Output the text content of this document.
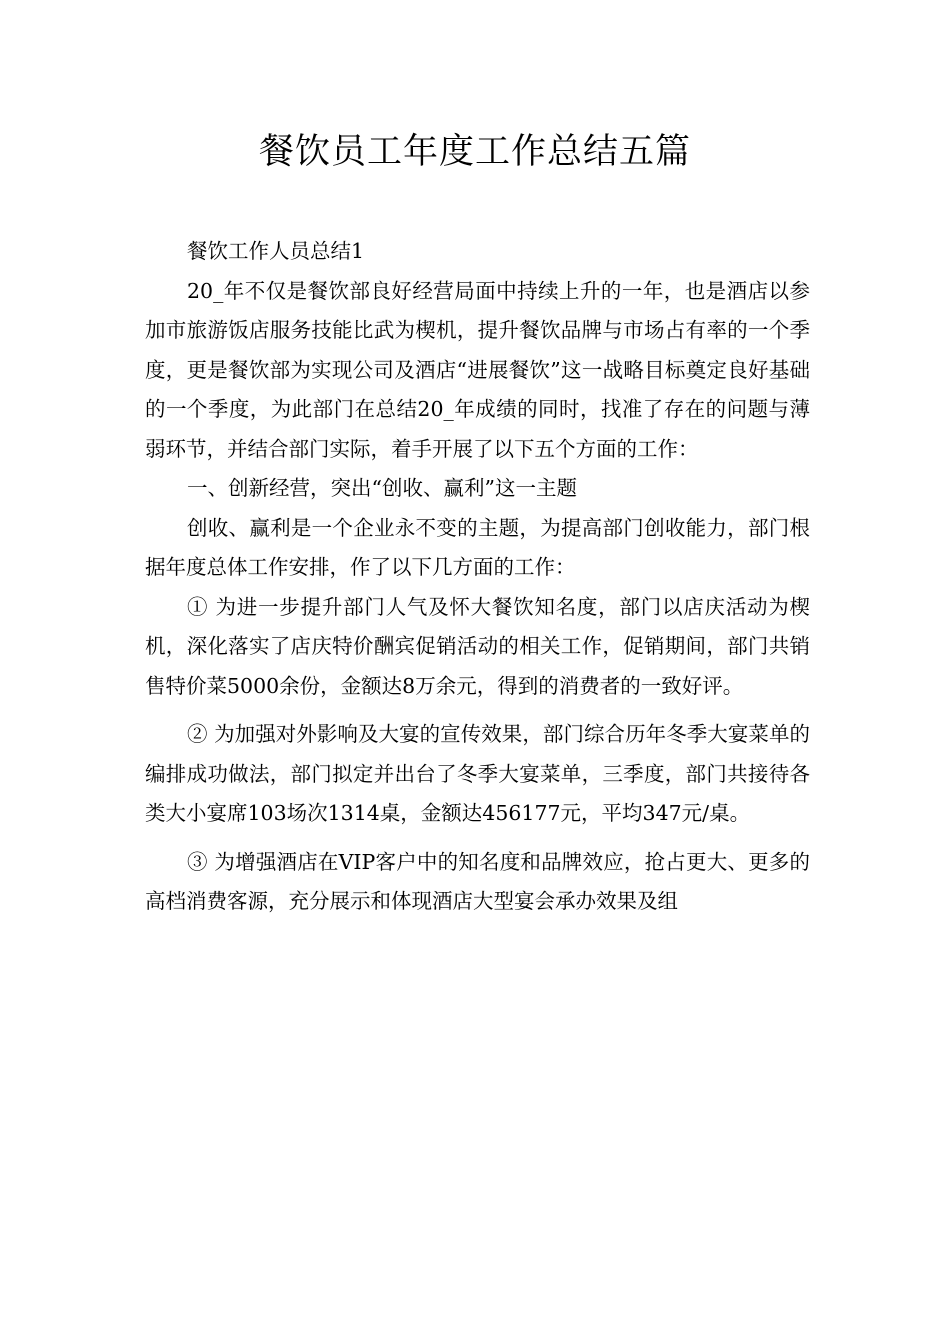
餐饮员工年度工作总结五篇

餐饮工作人员总结1

20_年不仅是餐饮部良好经营局面中持续上升的一年，也是酒店以参加市旅游饭店服务技能比武为楔机，提升餐饮品牌与市场占有率的一个季度，更是餐饮部为实现公司及酒店“进展餐饮”这一战略目标奠定良好基础的一个季度，为此部门在总结20_年成绩的同时，找准了存在的问题与薄弱环节，并结合部门实际，着手开展了以下五个方面的工作：

一、创新经营，突出“创收、赢利”这一主题

创收、赢利是一个企业永不变的主题，为提高部门创收能力，部门根据年度总体工作安排，作了以下几方面的工作：

① 为进一步提升部门人气及怀大餐饮知名度，部门以店庆活动为楔机，深化落实了店庆特价酬宾促销活动的相关工作，促销期间，部门共销售特价菜5000余份，金额达8万余元，得到的消费者的一致好评。

② 为加强对外影响及大宴的宣传效果，部门综合历年冬季大宴菜单的编排成功做法，部门拟定并出台了冬季大宴菜单，三季度，部门共接待各类大小宴席103场次1314桌，金额达456177元，平均347元/桌。

③ 为增强酒店在VIP客户中的知名度和品牌效应，抢占更大、更多的高档消费客源，充分展示和体现酒店大型宴会承办效果及组
